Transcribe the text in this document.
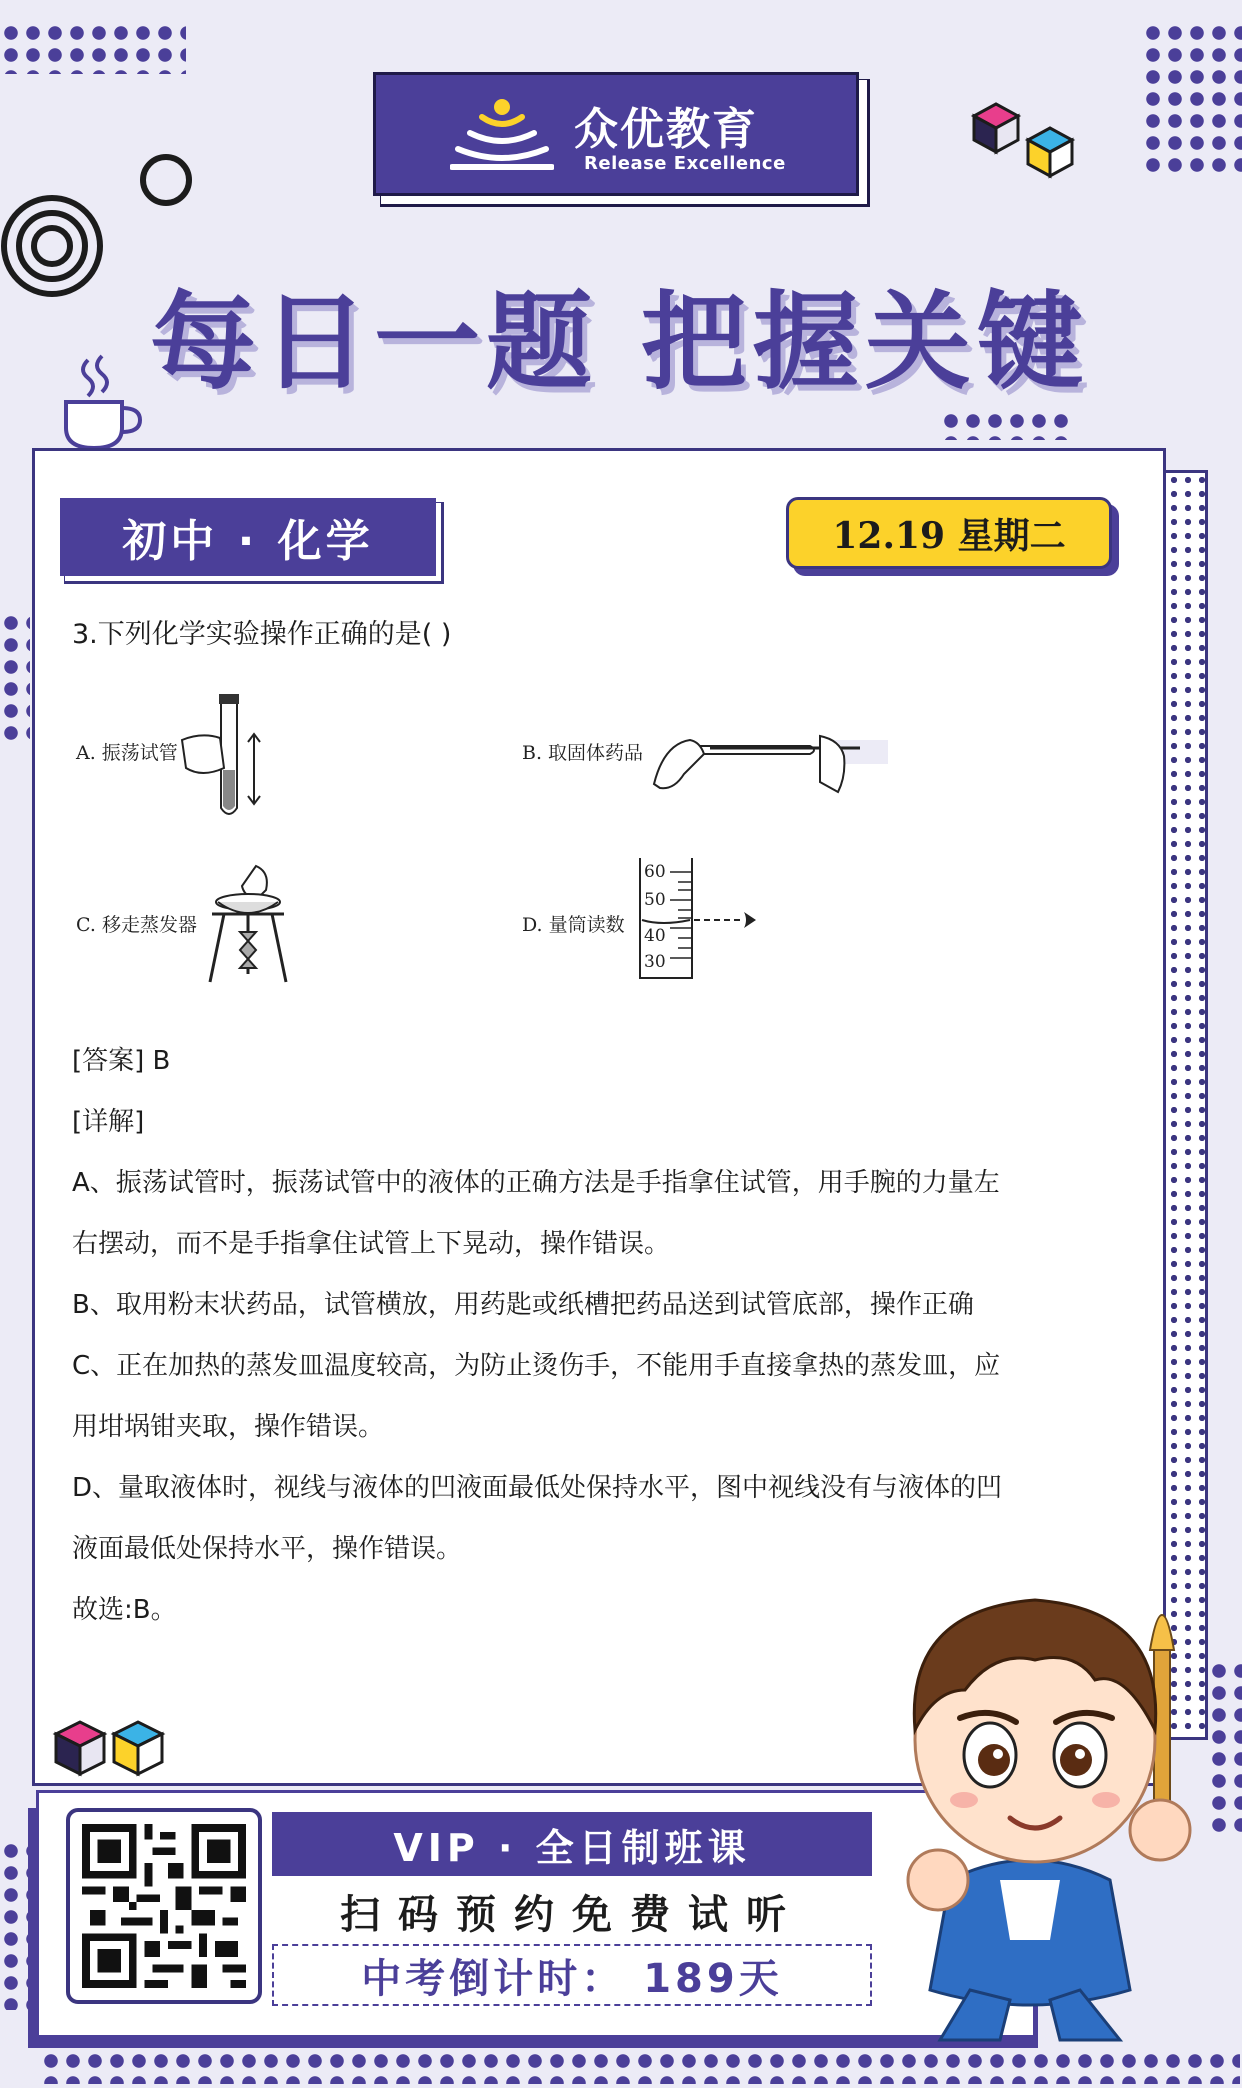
众优教育
Release Excellence
每日一题 把握关键
初中 · 化学	12.19 星期二
3.下列化学实验操作正确的是( )
A. 振荡试管	B. 取固体药品
C. 移走蒸发器	D. 量筒读数
60
50
40
30
[答案] B
[详解]
A、振荡试管时，振荡试管中的液体的正确方法是手指拿住试管，用手腕的力量左
右摆动，而不是手指拿住试管上下晃动，操作错误。
B、取用粉末状药品，试管横放，用药匙或纸槽把药品送到试管底部，操作正确
C、正在加热的蒸发皿温度较高，为防止烫伤手，不能用手直接拿热的蒸发皿，应
用坩埚钳夹取，操作错误。
D、量取液体时，视线与液体的凹液面最低处保持水平，图中视线没有与液体的凹
液面最低处保持水平，操作错误。
故选:B。
VIP · 全日制班课
扫码预约免费试听
中考倒计时： 189天
